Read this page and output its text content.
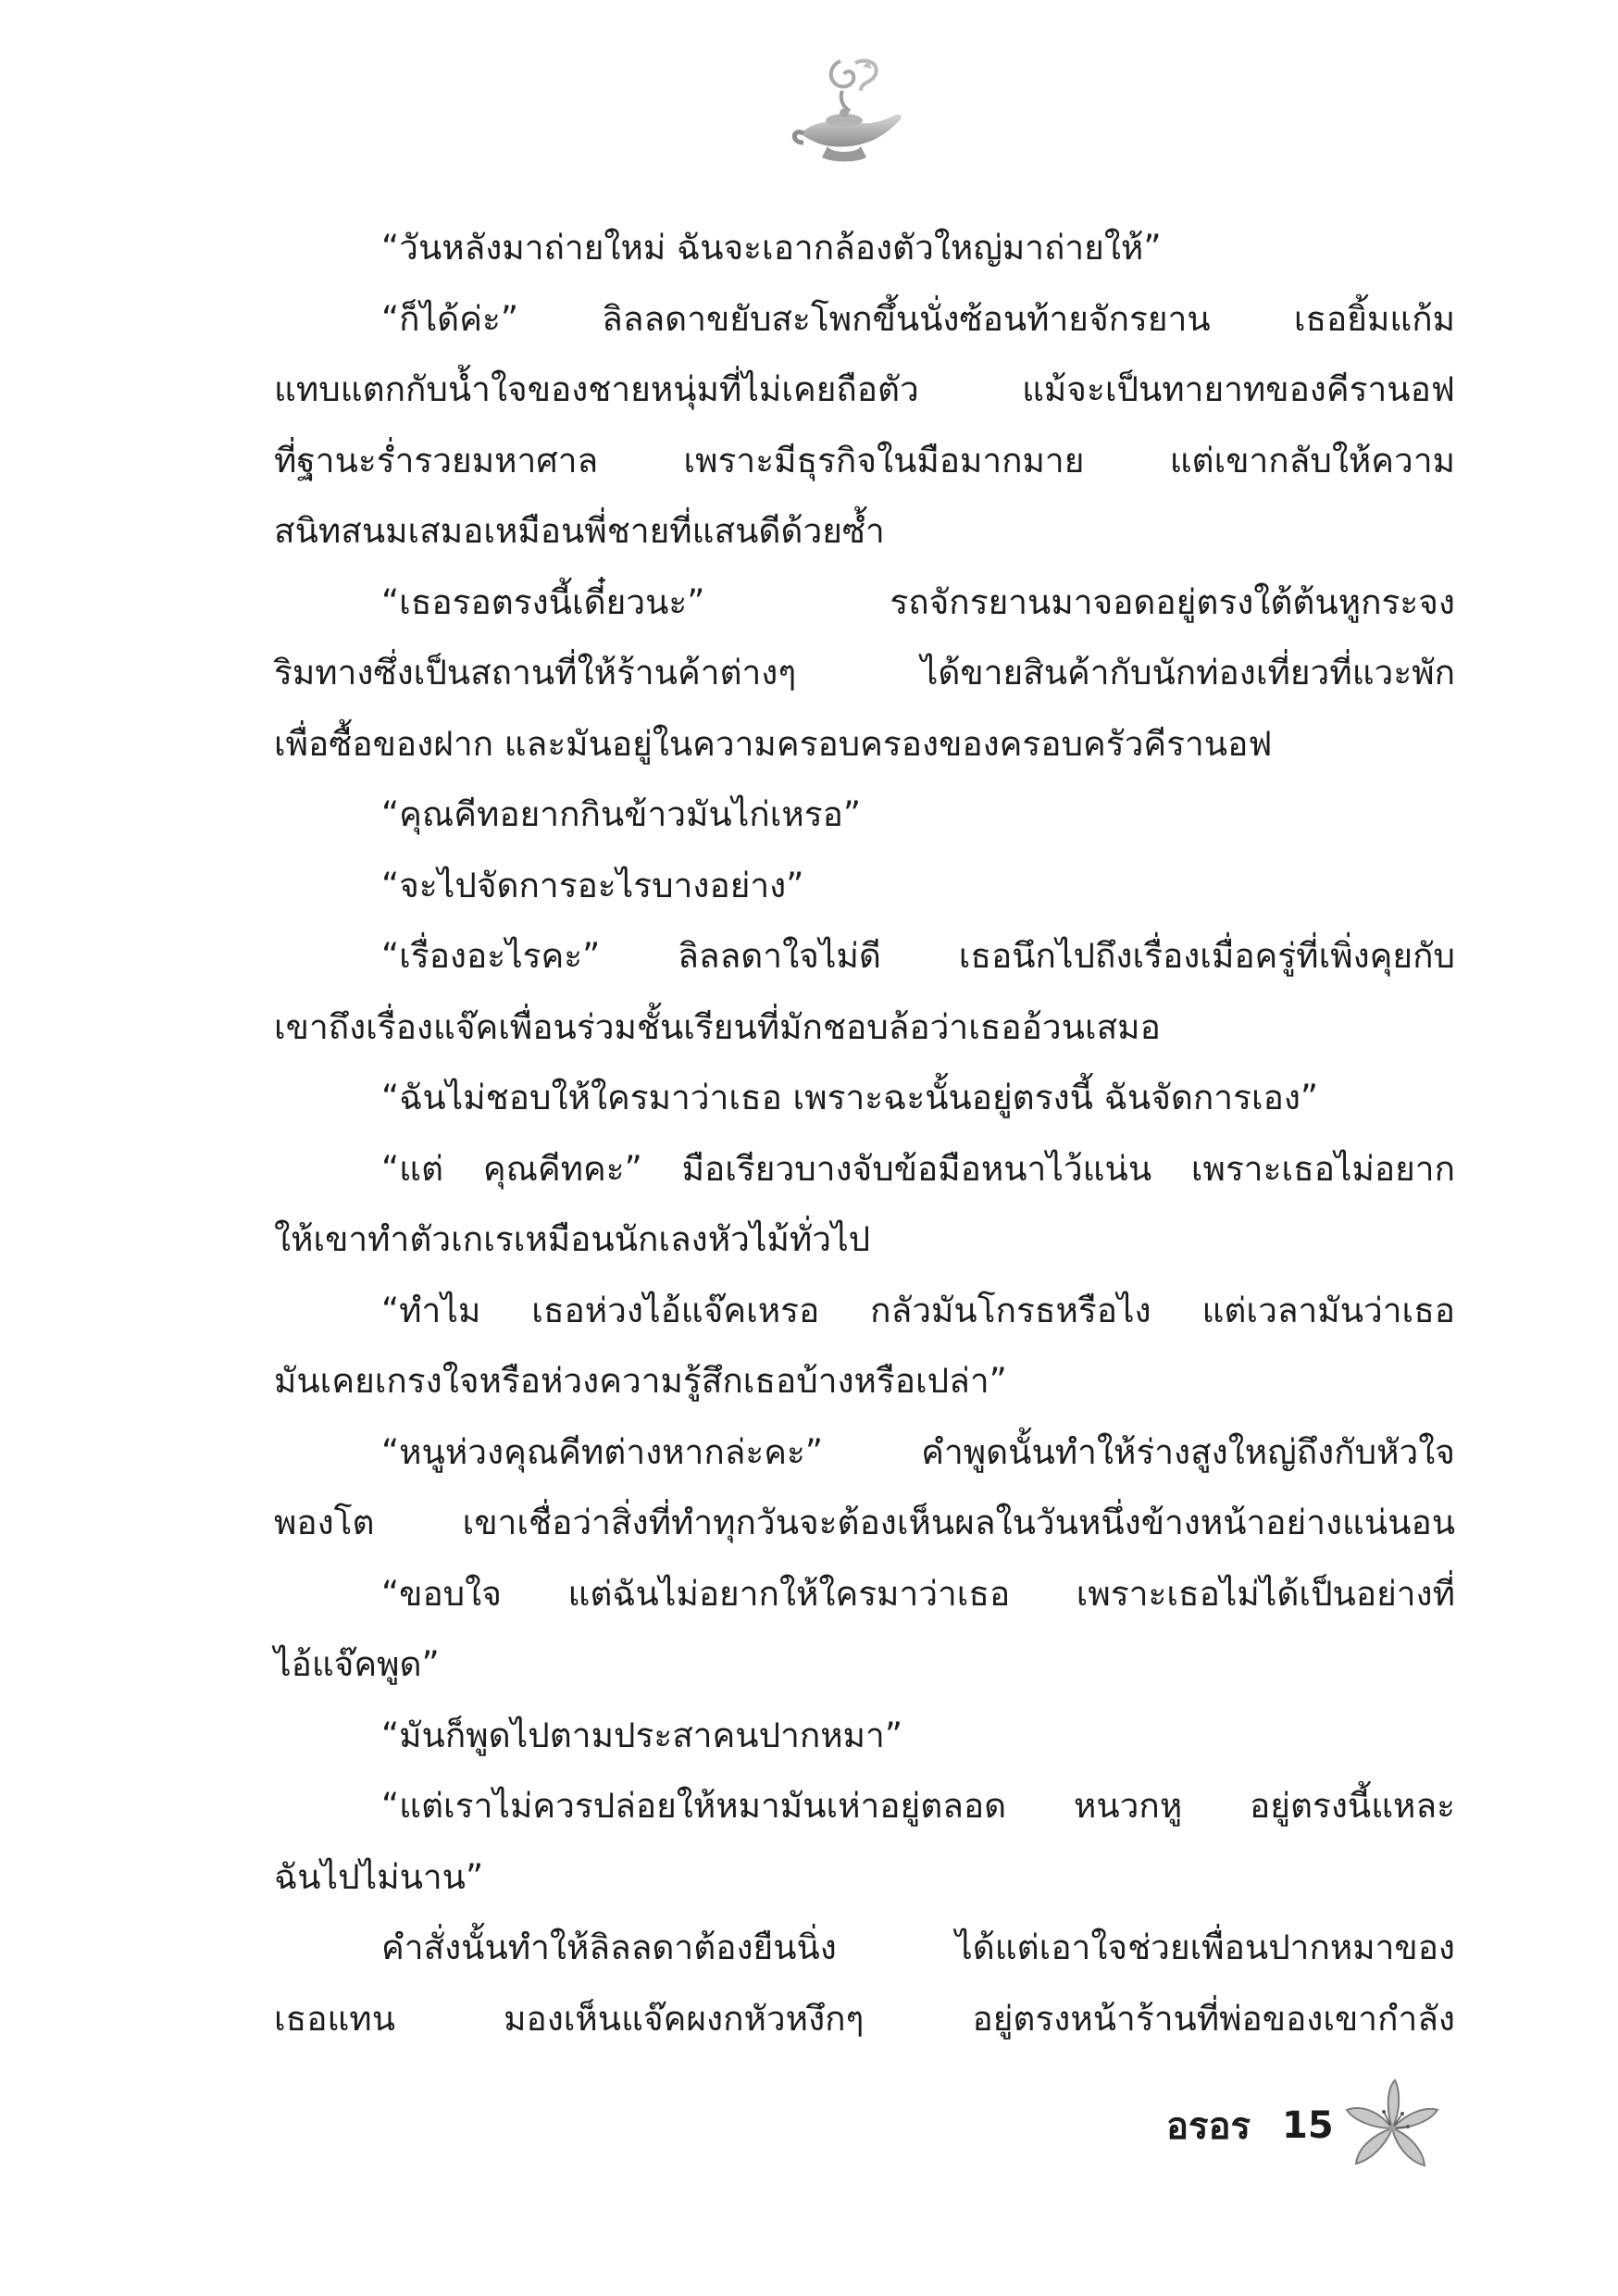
“วันหลังมาถ่ายใหม่ ฉันจะเอากล้องตัวใหญ่มาถ่ายให้”
“ก็ได้ค่ะ” ลิลลดาขยับสะโพกขึ้นนั่งซ้อนท้ายจักรยาน เธอยิ้มแก้ม
แทบแตกกับน้ำใจของชายหนุ่มที่ไม่เคยถือตัว แม้จะเป็นทายาทของคีรานอฟ
ที่ฐานะร่ำรวยมหาศาล เพราะมีธุรกิจในมือมากมาย แต่เขากลับให้ความ
สนิทสนมเสมอเหมือนพี่ชายที่แสนดีด้วยซ้ำ
“เธอรอตรงนี้เดี๋ยวนะ” รถจักรยานมาจอดอยู่ตรงใต้ต้นหูกระจง
ริมทางซึ่งเป็นสถานที่ให้ร้านค้าต่างๆ ได้ขายสินค้ากับนักท่องเที่ยวที่แวะพัก
เพื่อซื้อของฝาก และมันอยู่ในความครอบครองของครอบครัวคีรานอฟ
“คุณคีทอยากกินข้าวมันไก่เหรอ”
“จะไปจัดการอะไรบางอย่าง”
“เรื่องอะไรคะ” ลิลลดาใจไม่ดี เธอนึกไปถึงเรื่องเมื่อครู่ที่เพิ่งคุยกับ
เขาถึงเรื่องแจ๊คเพื่อนร่วมชั้นเรียนที่มักชอบล้อว่าเธออ้วนเสมอ
“ฉันไม่ชอบให้ใครมาว่าเธอ เพราะฉะนั้นอยู่ตรงนี้ ฉันจัดการเอง”
“แต่ คุณคีทคะ” มือเรียวบางจับข้อมือหนาไว้แน่น เพราะเธอไม่อยาก
ให้เขาทำตัวเกเรเหมือนนักเลงหัวไม้ทั่วไป
“ทำไม เธอห่วงไอ้แจ๊คเหรอ กลัวมันโกรธหรือไง แต่เวลามันว่าเธอ
มันเคยเกรงใจหรือห่วงความรู้สึกเธอบ้างหรือเปล่า”
“หนูห่วงคุณคีทต่างหากล่ะคะ” คำพูดนั้นทำให้ร่างสูงใหญ่ถึงกับหัวใจ
พองโต เขาเชื่อว่าสิ่งที่ทำทุกวันจะต้องเห็นผลในวันหนึ่งข้างหน้าอย่างแน่นอน
“ขอบใจ แต่ฉันไม่อยากให้ใครมาว่าเธอ เพราะเธอไม่ได้เป็นอย่างที่
ไอ้แจ๊คพูด”
“มันก็พูดไปตามประสาคนปากหมา”
“แต่เราไม่ควรปล่อยให้หมามันเห่าอยู่ตลอด หนวกหู อยู่ตรงนี้แหละ
ฉันไปไม่นาน”
คำสั่งนั้นทำให้ลิลลดาต้องยืนนิ่ง ได้แต่เอาใจช่วยเพื่อนปากหมาของ
เธอแทน มองเห็นแจ๊คผงกหัวหงึกๆ อยู่ตรงหน้าร้านที่พ่อของเขากำลัง
อรอร 15
